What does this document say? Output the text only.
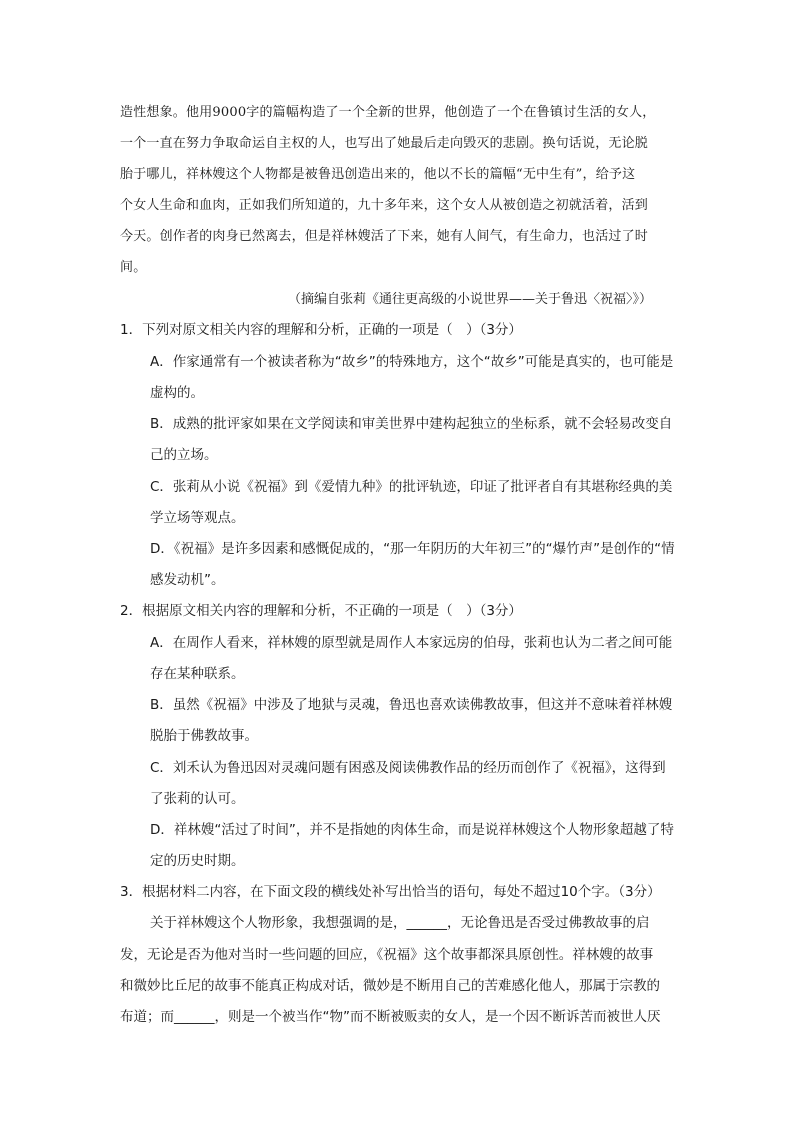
造性想象。他用9000字的篇幅构造了一个全新的世界，他创造了一个在鲁镇讨生活的女人，
一个一直在努力争取命运自主权的人，也写出了她最后走向毁灭的悲剧。换句话说，无论脱
胎于哪儿，祥林嫂这个人物都是被鲁迅创造出来的，他以不长的篇幅“无中生有”，给予这
个女人生命和血肉，正如我们所知道的，九十多年来，这个女人从被创造之初就活着，活到
今天。创作者的肉身已然离去，但是祥林嫂活了下来，她有人间气，有生命力，也活过了时
间。
（摘编自张莉《通往更高级的小说世界——关于鲁迅〈祝福〉》）
1．下列对原文相关内容的理解和分析，正确的一项是（　）（3分）
A．作家通常有一个被读者称为“故乡”的特殊地方，这个“故乡”可能是真实的，也可能是
虚构的。
B．成熟的批评家如果在文学阅读和审美世界中建构起独立的坐标系，就不会轻易改变自
己的立场。
C．张莉从小说《祝福》到《爱情九种》的批评轨迹，印证了批评者自有其堪称经典的美
学立场等观点。
D．《祝福》是许多因素和感慨促成的，“那一年阴历的大年初三”的“爆竹声”是创作的“情
感发动机”。
2．根据原文相关内容的理解和分析，不正确的一项是（　）（3分）
A．在周作人看来，祥林嫂的原型就是周作人本家远房的伯母，张莉也认为二者之间可能
存在某种联系。
B．虽然《祝福》中涉及了地狱与灵魂，鲁迅也喜欢读佛教故事，但这并不意味着祥林嫂
脱胎于佛教故事。
C．刘禾认为鲁迅因对灵魂问题有困惑及阅读佛教作品的经历而创作了《祝福》，这得到
了张莉的认可。
D．祥林嫂“活过了时间”，并不是指她的肉体生命，而是说祥林嫂这个人物形象超越了特
定的历史时期。
3．根据材料二内容，在下面文段的横线处补写出恰当的语句，每处不超过10个字。（3分）
关于祥林嫂这个人物形象，我想强调的是，______，无论鲁迅是否受过佛教故事的启
发，无论是否为他对当时一些问题的回应，《祝福》这个故事都深具原创性。祥林嫂的故事
和微妙比丘尼的故事不能真正构成对话，微妙是不断用自己的苦难感化他人，那属于宗教的
布道；而______，则是一个被当作“物”而不断被贩卖的女人，是一个因不断诉苦而被世人厌
